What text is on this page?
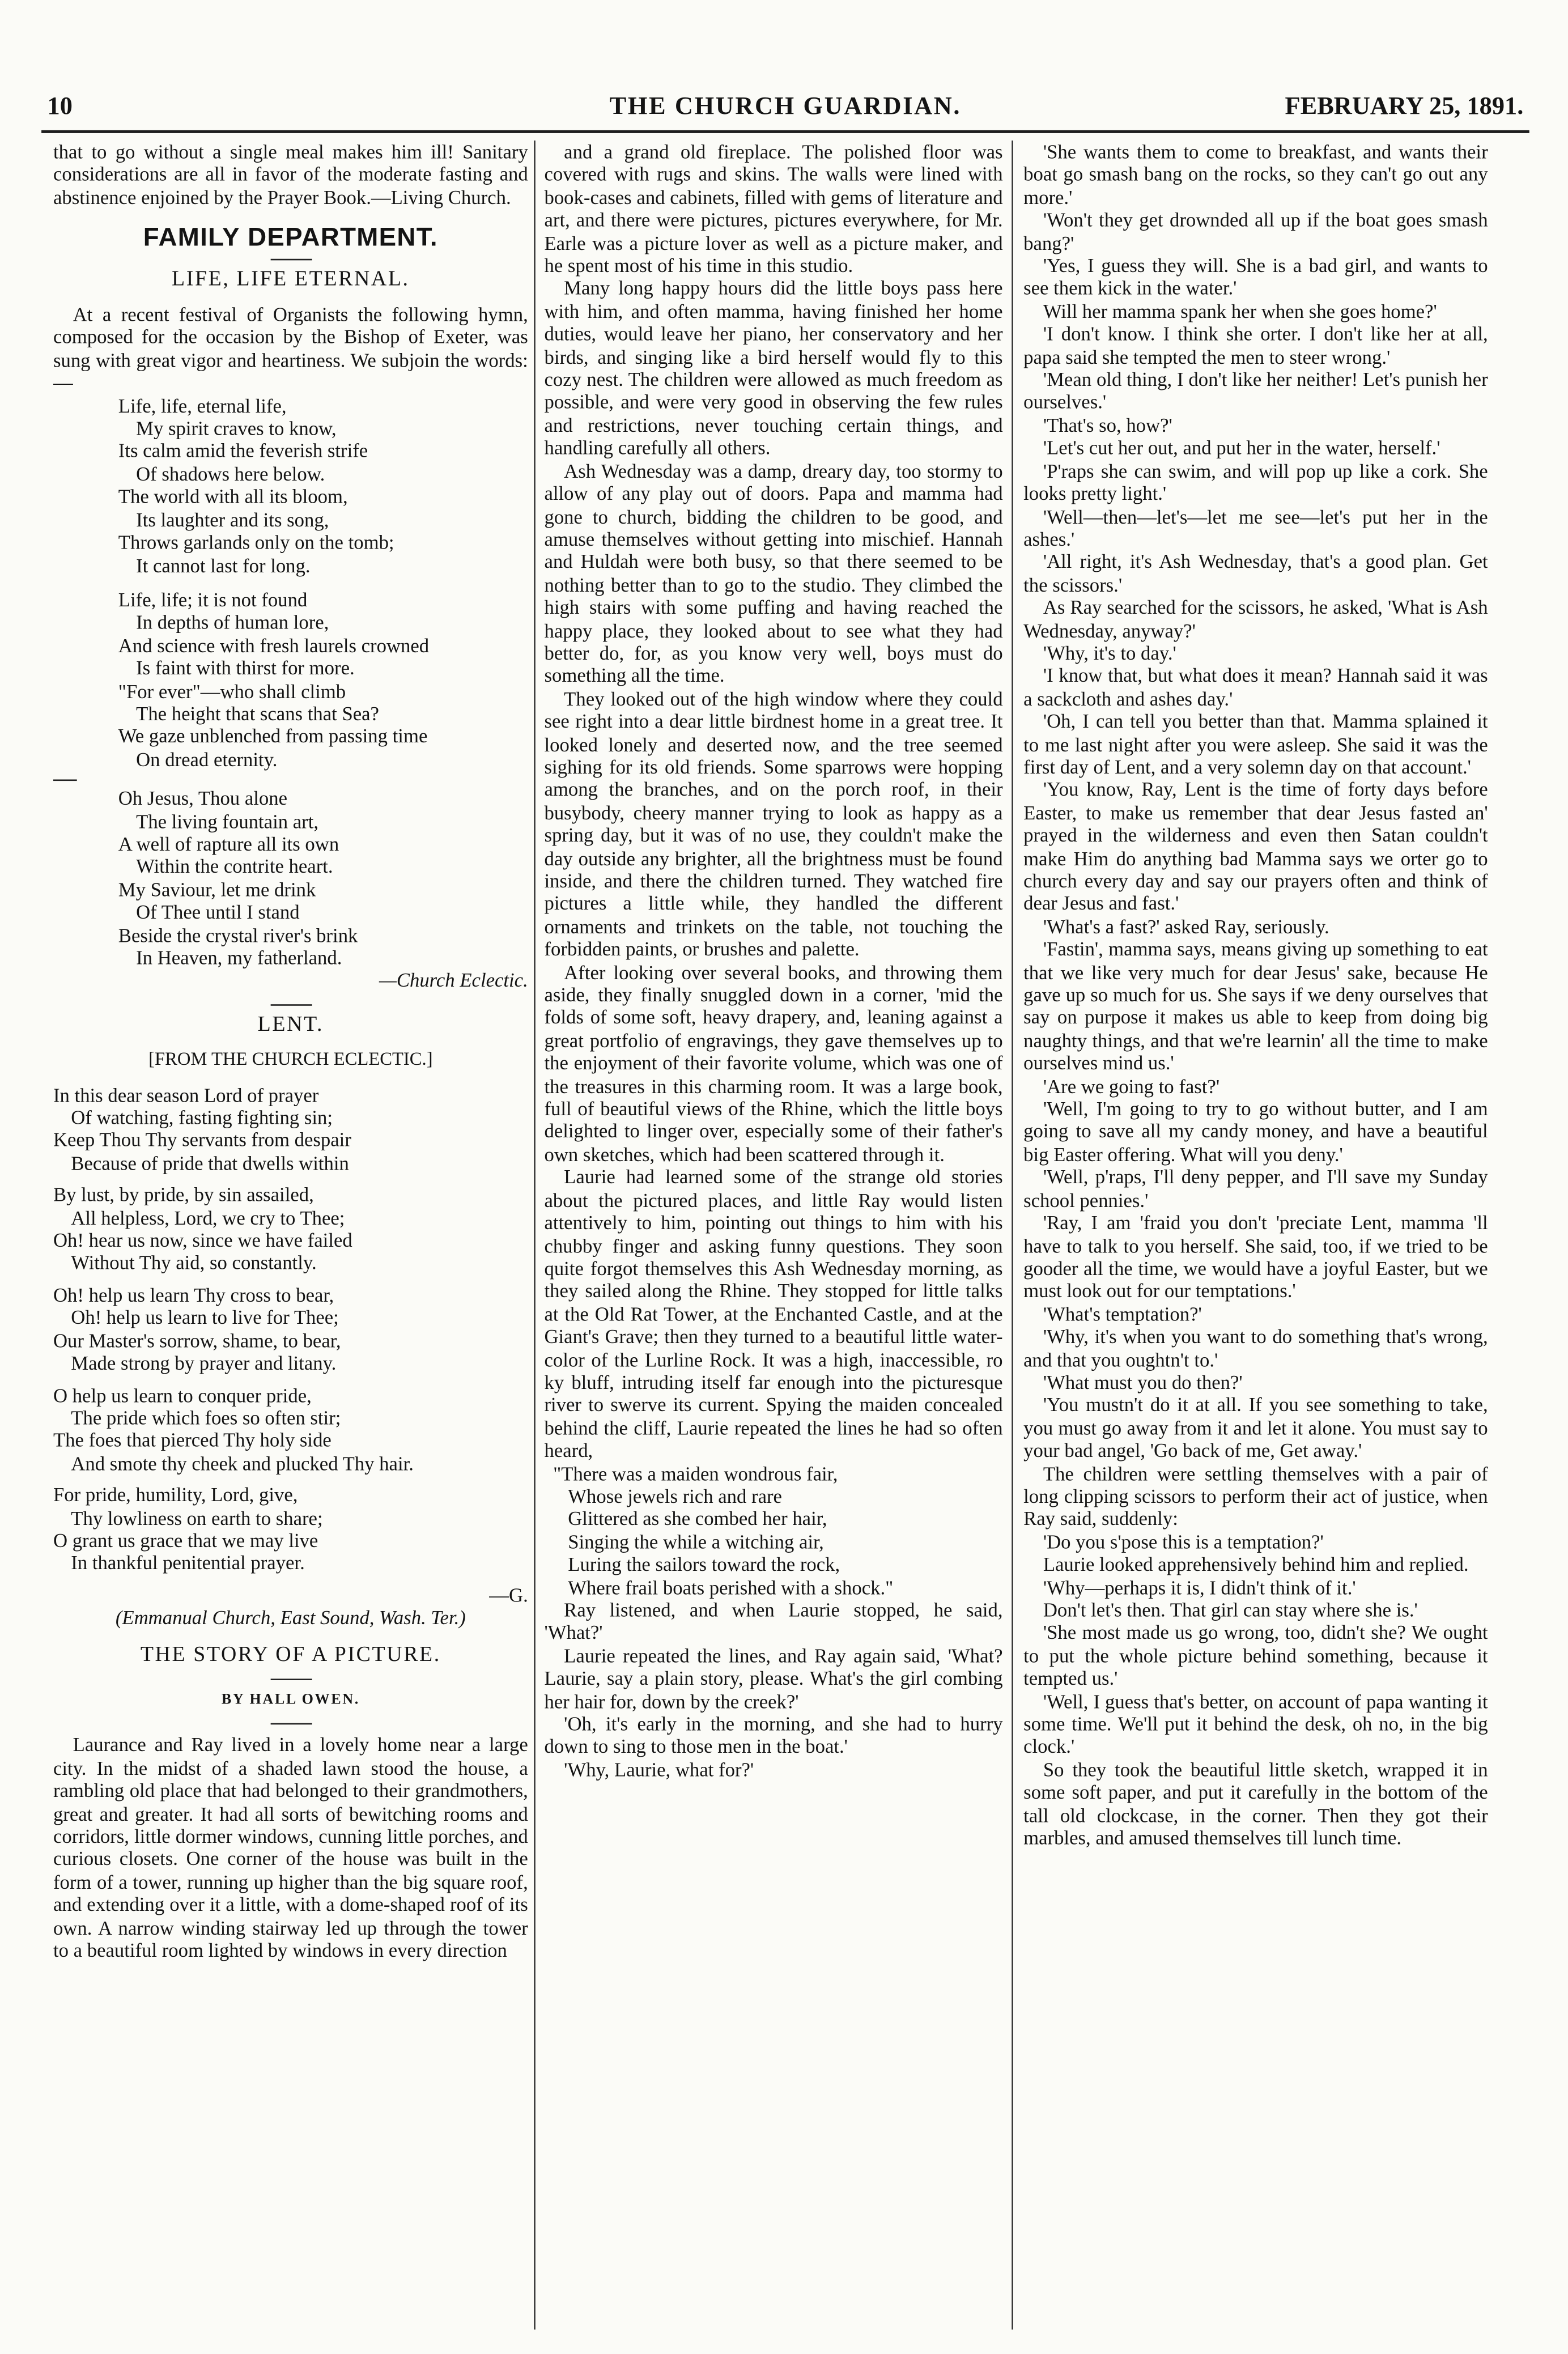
10	THE CHURCH GUARDIAN.	FEBRUARY 25, 1891.

that to go without a single meal makes him ill! Sanitary considerations are all in favor of the moderate fasting and abstinence enjoined by the Prayer Book.—Living Church.

FAMILY DEPARTMENT.
LIFE, LIFE ETERNAL.

At a recent festival of Organists the following hymn, composed for the occasion by the Bishop of Exeter, was sung with great vigor and heartiness. We subjoin the words:—

Life, life, eternal life,
My spirit craves to know,
Its calm amid the feverish strife
Of shadows here below.
The world with all its bloom,
Its laughter and its song,
Throws garlands only on the tomb;
It cannot last for long.
Life, life; it is not found
In depths of human lore,
And science with fresh laurels crowned
Is faint with thirst for more.
"For ever"—who shall climb
The height that scans that Sea?
We gaze unblenched from passing time
On dread eternity.
Oh Jesus, Thou alone
The living fountain art,
A well of rapture all its own
Within the contrite heart.
My Saviour, let me drink
Of Thee until I stand
Beside the crystal river's brink
In Heaven, my fatherland.
—Church Eclectic.
LENT.
[FROM THE CHURCH ECLECTIC.]
In this dear season Lord of prayer
Of watching, fasting fighting sin;
Keep Thou Thy servants from despair
Because of pride that dwells within
By lust, by pride, by sin assailed,
All helpless, Lord, we cry to Thee;
Oh! hear us now, since we have failed
Without Thy aid, so constantly.
Oh! help us learn Thy cross to bear,
Oh! help us learn to live for Thee;
Our Master's sorrow, shame, to bear,
Made strong by prayer and litany.
O help us learn to conquer pride,
The pride which foes so often stir;
The foes that pierced Thy holy side
And smote thy cheek and plucked Thy hair.
For pride, humility, Lord, give,
Thy lowliness on earth to share;
O grant us grace that we may live
In thankful penitential prayer.
—G.
(Emmanual Church, East Sound, Wash. Ter.)
THE STORY OF A PICTURE.
BY HALL OWEN.

Laurance and Ray lived in a lovely home near a large city. In the midst of a shaded lawn stood the house, a rambling old place that had belonged to their grandmothers, great and greater. It had all sorts of bewitching rooms and corridors, little dormer windows, cunning little porches, and curious closets. One corner of the house was built in the form of a tower, running up higher than the big square roof, and extending over it a little, with a dome-shaped roof of its own. A narrow winding stairway led up through the tower to a beautiful room lighted by windows in every direction

and a grand old fireplace. The polished floor was covered with rugs and skins. The walls were lined with book-cases and cabinets, filled with gems of literature and art, and there were pictures, pictures everywhere, for Mr. Earle was a picture lover as well as a picture maker, and he spent most of his time in this studio.

Many long happy hours did the little boys pass here with him, and often mamma, having finished her home duties, would leave her piano, her conservatory and her birds, and singing like a bird herself would fly to this cozy nest. The children were allowed as much freedom as possible, and were very good in observing the few rules and restrictions, never touching certain things, and handling carefully all others.

Ash Wednesday was a damp, dreary day, too stormy to allow of any play out of doors. Papa and mamma had gone to church, bidding the children to be good, and amuse themselves without getting into mischief. Hannah and Huldah were both busy, so that there seemed to be nothing better than to go to the studio. They climbed the high stairs with some puffing and having reached the happy place, they looked about to see what they had better do, for, as you know very well, boys must do something all the time.

They looked out of the high window where they could see right into a dear little birdnest home in a great tree. It looked lonely and deserted now, and the tree seemed sighing for its old friends. Some sparrows were hopping among the branches, and on the porch roof, in their busybody, cheery manner trying to look as happy as a spring day, but it was of no use, they couldn't make the day outside any brighter, all the brightness must be found inside, and there the children turned. They watched fire pictures a little while, they handled the different ornaments and trinkets on the table, not touching the forbidden paints, or brushes and palette.

After looking over several books, and throwing them aside, they finally snuggled down in a corner, 'mid the folds of some soft, heavy drapery, and, leaning against a great portfolio of engravings, they gave themselves up to the enjoyment of their favorite volume, which was one of the treasures in this charming room. It was a large book, full of beautiful views of the Rhine, which the little boys delighted to linger over, especially some of their father's own sketches, which had been scattered through it.

Laurie had learned some of the strange old stories about the pictured places, and little Ray would listen attentively to him, pointing out things to him with his chubby finger and asking funny questions. They soon quite forgot themselves this Ash Wednesday morning, as they sailed along the Rhine. They stopped for little talks at the Old Rat Tower, at the Enchanted Castle, and at the Giant's Grave; then they turned to a beautiful little water-color of the Lurline Rock. It was a high, inaccessible, ro ky bluff, intruding itself far enough into the picturesque river to swerve its current. Spying the maiden concealed behind the cliff, Laurie repeated the lines he had so often heard,

"There was a maiden wondrous fair,
Whose jewels rich and rare
Glittered as she combed her hair,
Singing the while a witching air,
Luring the sailors toward the rock,
Where frail boats perished with a shock."

Ray listened, and when Laurie stopped, he said, 'What?'

Laurie repeated the lines, and Ray again said, 'What? Laurie, say a plain story, please. What's the girl combing her hair for, down by the creek?'

'Oh, it's early in the morning, and she had to hurry down to sing to those men in the boat.'

'Why, Laurie, what for?'

'She wants them to come to breakfast, and wants their boat go smash bang on the rocks, so they can't go out any more.'

'Won't they get drownded all up if the boat goes smash bang?'

'Yes, I guess they will. She is a bad girl, and wants to see them kick in the water.'

Will her mamma spank her when she goes home?'

'I don't know. I think she orter. I don't like her at all, papa said she tempted the men to steer wrong.'

'Mean old thing, I don't like her neither! Let's punish her ourselves.'

'That's so, how?'

'Let's cut her out, and put her in the water, herself.'

'P'raps she can swim, and will pop up like a cork. She looks pretty light.'

'Well—then—let's—let me see—let's put her in the ashes.'

'All right, it's Ash Wednesday, that's a good plan. Get the scissors.'

As Ray searched for the scissors, he asked, 'What is Ash Wednesday, anyway?'

'Why, it's to day.'

'I know that, but what does it mean? Hannah said it was a sackcloth and ashes day.'

'Oh, I can tell you better than that. Mamma splained it to me last night after you were asleep. She said it was the first day of Lent, and a very solemn day on that account.'

'You know, Ray, Lent is the time of forty days before Easter, to make us remember that dear Jesus fasted an' prayed in the wilderness and even then Satan couldn't make Him do anything bad Mamma says we orter go to church every day and say our prayers often and think of dear Jesus and fast.'

'What's a fast?' asked Ray, seriously.

'Fastin', mamma says, means giving up something to eat that we like very much for dear Jesus' sake, because He gave up so much for us. She says if we deny ourselves that say on purpose it makes us able to keep from doing big naughty things, and that we're learnin' all the time to make ourselves mind us.'

'Are we going to fast?'

'Well, I'm going to try to go without butter, and I am going to save all my candy money, and have a beautiful big Easter offering. What will you deny.'

'Well, p'raps, I'll deny pepper, and I'll save my Sunday school pennies.'

'Ray, I am 'fraid you don't 'preciate Lent, mamma 'll have to talk to you herself. She said, too, if we tried to be gooder all the time, we would have a joyful Easter, but we must look out for our temptations.'

'What's temptation?'

'Why, it's when you want to do something that's wrong, and that you oughtn't to.'

'What must you do then?'

'You mustn't do it at all. If you see something to take, you must go away from it and let it alone. You must say to your bad angel, 'Go back of me, Get away.'

The children were settling themselves with a pair of long clipping scissors to perform their act of justice, when Ray said, suddenly:

'Do you s'pose this is a temptation?'

Laurie looked apprehensively behind him and replied.

'Why—perhaps it is, I didn't think of it.'

Don't let's then. That girl can stay where she is.'

'She most made us go wrong, too, didn't she? We ought to put the whole picture behind something, because it tempted us.'

'Well, I guess that's better, on account of papa wanting it some time. We'll put it behind the desk, oh no, in the big clock.'

So they took the beautiful little sketch, wrapped it in some soft paper, and put it carefully in the bottom of the tall old clockcase, in the corner. Then they got their marbles, and amused themselves till lunch time.
